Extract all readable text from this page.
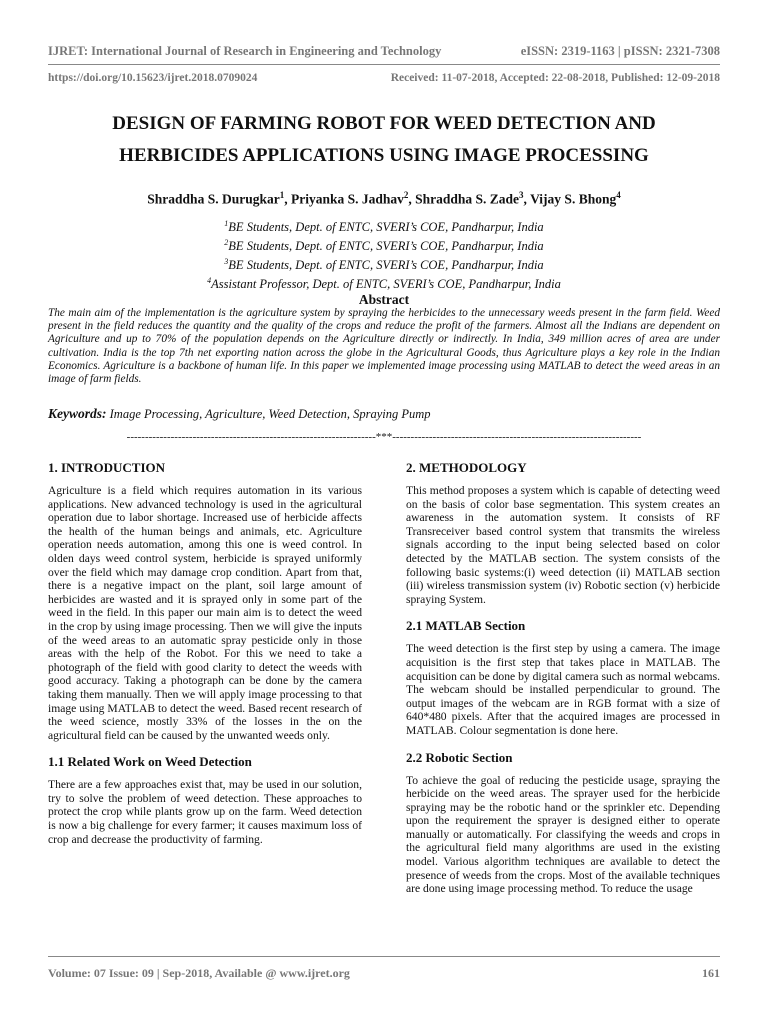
IJRET: International Journal of Research in Engineering and Technology	eISSN: 2319-1163 | pISSN: 2321-7308
https://doi.org/10.15623/ijret.2018.0709024	Received: 11-07-2018, Accepted: 22-08-2018, Published: 12-09-2018
DESIGN OF FARMING ROBOT FOR WEED DETECTION AND
HERBICIDES APPLICATIONS USING IMAGE PROCESSING
Shraddha S. Durugkar$^1$, Priyanka S. Jadhav$^2$, Shraddha S. Zade$^3$, Vijay S. Bhong$^4$
$^1$BE Students, Dept. of ENTC, SVERI’s COE, Pandharpur, India
$^2$BE Students, Dept. of ENTC, SVERI’s COE, Pandharpur, India
$^3$BE Students, Dept. of ENTC, SVERI’s COE, Pandharpur, India
$^4$Assistant Professor, Dept. of ENTC, SVERI’s COE, Pandharpur, India
Abstract

The main aim of the implementation is the agriculture system by spraying the herbicides to the unnecessary weeds present in the farm field. Weed present in the field reduces the quantity and the quality of the crops and reduce the profit of the farmers. Almost all the Indians are dependent on Agriculture and up to 70% of the population depends on the Agriculture directly or indirectly. In India, 349 million acres of area are under cultivation. India is the top 7th net exporting nation across the globe in the Agricultural Goods, thus Agriculture plays a key role in the Indian Economics. Agriculture is a backbone of human life. In this paper we implemented image processing using MATLAB to detect the weed areas in an image of farm fields.

Keywords: Image Processing, Agriculture, Weed Detection, Spraying Pump
--------------------------------------------------------------------***--------------------------------------------------------------------
1. INTRODUCTION

Agriculture is a field which requires automation in its various applications. New advanced technology is used in the agricultural operation due to labor shortage. Increased use of herbicide affects the health of the human beings and animals, etc. Agriculture operation needs automation, among this one is weed control. In olden days weed control system, herbicide is sprayed uniformly over the field which may damage crop condition. Apart from that, there is a negative impact on the plant, soil large amount of herbicides are wasted and it is sprayed only in some part of the weed in the field. In this paper our main aim is to detect the weed in the crop by using image processing. Then we will give the inputs of the weed areas to an automatic spray pesticide only in those areas with the help of the Robot. For this we need to take a photograph of the field with good clarity to detect the weeds with good accuracy. Taking a photograph can be done by the camera taking them manually. Then we will apply image processing to that image using MATLAB to detect the weed. Based recent research of the weed science, mostly 33% of the losses in the on the agricultural field can be caused by the unwanted weeds only.

1.1 Related Work on Weed Detection

There are a few approaches exist that, may be used in our solution, try to solve the problem of weed detection. These approaches to protect the crop while plants grow up on the farm. Weed detection is now a big challenge for every farmer; it causes maximum loss of crop and decrease the productivity of farming.

2. METHODOLOGY

This method proposes a system which is capable of detecting weed on the basis of color base segmentation. This system creates an awareness in the automation system. It consists of RF Transreceiver based control system that transmits the wireless signals according to the input being selected based on color detected by the MATLAB section. The system consists of the following basic systems:(i) weed detection (ii) MATLAB section (iii) wireless transmission system (iv) Robotic section (v) herbicide spraying System.

2.1 MATLAB Section

The weed detection is the first step by using a camera. The image acquisition is the first step that takes place in MATLAB. The acquisition can be done by digital camera such as normal webcams. The webcam should be installed perpendicular to ground. The output images of the webcam are in RGB format with a size of 640*480 pixels. After that the acquired images are processed in MATLAB. Colour segmentation is done here.

2.2 Robotic Section

To achieve the goal of reducing the pesticide usage, spraying the herbicide on the weed areas. The sprayer used for the herbicide spraying may be the robotic hand or the sprinkler etc. Depending upon the requirement the sprayer is designed either to operate manually or automatically. For classifying the weeds and crops in the agricultural field many algorithms are used in the existing model. Various algorithm techniques are available to detect the presence of weeds from the crops. Most of the available techniques are done using image processing method. To reduce the usage

Volume: 07 Issue: 09 | Sep-2018, Available @ www.ijret.org	161
